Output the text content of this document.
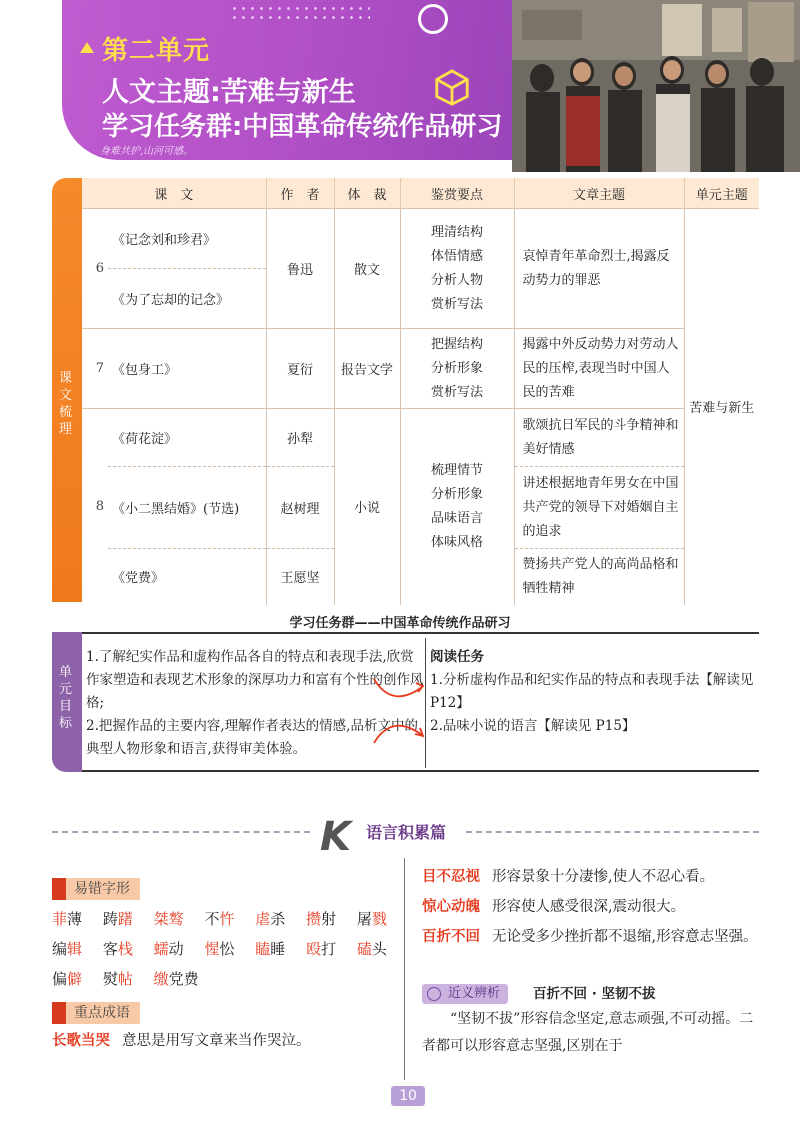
第二单元
人文主题:苦难与新生
学习任务群:中国革命传统作品研习
身难共护,山河可感。
课文梳理
课　文		作　者	体　裁	鉴赏要点	文章主题	单元主题
6	《记念刘和珍君》	鲁迅	散文	理清结构
体悟情感
分析人物
赏析写法	哀悼青年革命烈士,揭露反动势力的罪恶	苦难与新生
	《为了忘却的记念》					
7	《包身工》	夏衍	报告文学	把握结构
分析形象
赏析写法	揭露中外反动势力对劳动人民的压榨,表现当时中国人民的苦难	
8	《荷花淀》	孙犁	小说	梳理情节
分析形象
品味语言
体味风格	歌颂抗日军民的斗争精神和美好情感	
	《小二黑结婚》(节选)	赵树理			讲述根据地青年男女在中国共产党的领导下对婚姻自主的追求	
	《党费》	王愿坚			赞扬共产党人的高尚品格和牺牲精神	
学习任务群——中国革命传统作品研习
单元目标
1.了解纪实作品和虚构作品各自的特点和表现手法,欣赏作家塑造和表现艺术形象的深厚功力和富有个性的创作风格;
2.把握作品的主要内容,理解作者表达的情感,品析文中的典型人物形象和语言,获得审美体验。
阅读任务
1.分析虚构作品和纪实作品的特点和表现手法【解读见 P12】
2.品味小说的语言【解读见 P15】
K 语言积累篇
易错字形
菲薄 踌躇 桀骜 不忤 虐杀 攒射 屠戮
编辑 客栈 蠕动 惺忪 瞌睡 殴打 磕头
偏僻 熨帖 缴党费
重点成语
长歌当哭 意思是用写文章来当作哭泣。
目不忍视 形容景象十分凄惨,使人不忍心看。
惊心动魄 形容使人感受很深,震动很大。
百折不回 无论受多少挫折都不退缩,形容意志坚强。
近义辨析	百折不回 · 坚韧不拔
“坚韧不拔”形容信念坚定,意志顽强,不可动摇。二者都可以形容意志坚强,区别在于
10
